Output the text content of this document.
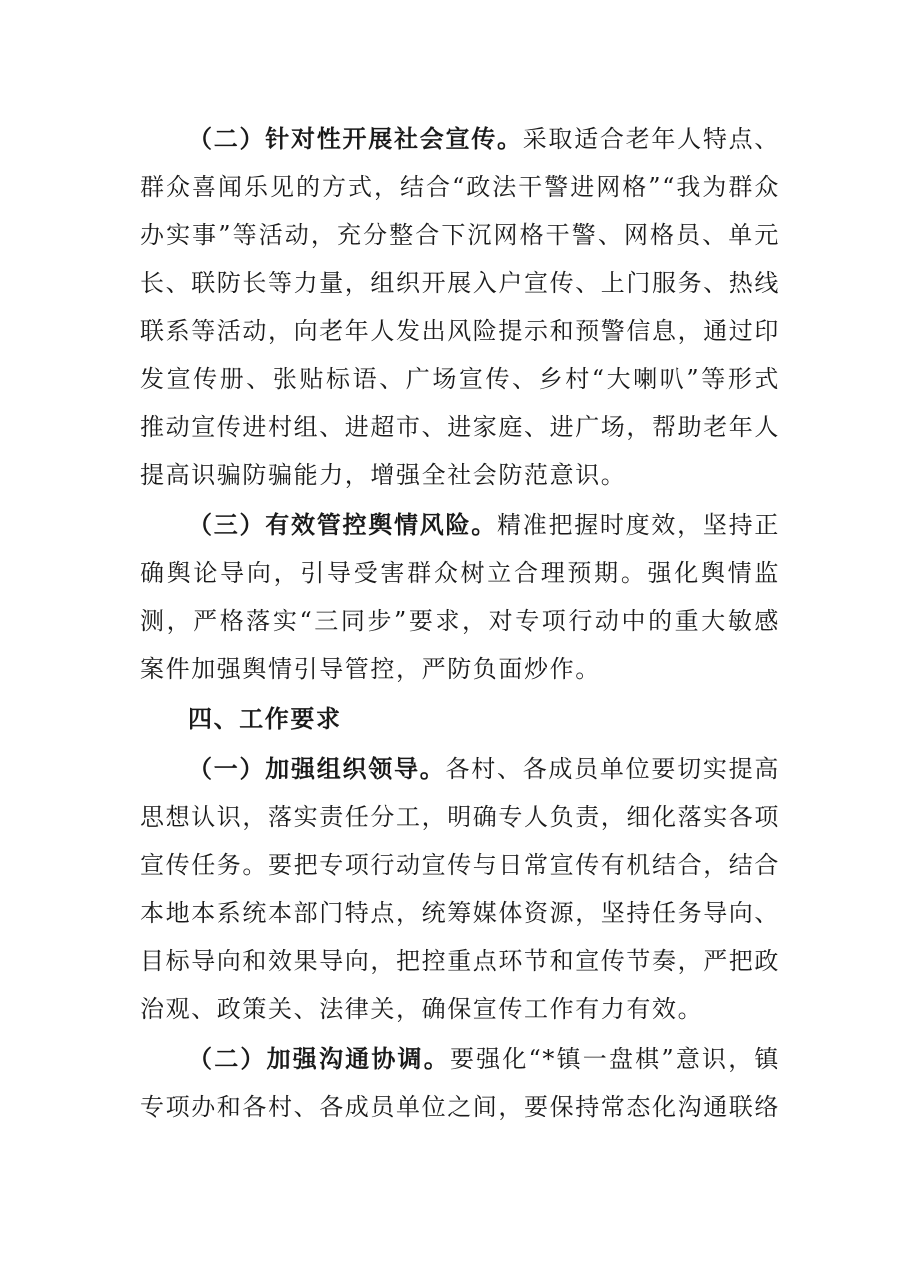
（二）针对性开展社会宣传。采取适合老年人特点、群众喜闻乐见的方式，结合“政法干警进网格”“我为群众办实事”等活动，充分整合下沉网格干警、网格员、单元长、联防长等力量，组织开展入户宣传、上门服务、热线联系等活动，向老年人发出风险提示和预警信息，通过印发宣传册、张贴标语、广场宣传、乡村“大喇叭”等形式推动宣传进村组、进超市、进家庭、进广场，帮助老年人提高识骗防骗能力，增强全社会防范意识。

（三）有效管控舆情风险。精准把握时度效，坚持正确舆论导向，引导受害群众树立合理预期。强化舆情监测，严格落实“三同步”要求，对专项行动中的重大敏感案件加强舆情引导管控，严防负面炒作。

四、工作要求

（一）加强组织领导。各村、各成员单位要切实提高思想认识，落实责任分工，明确专人负责，细化落实各项宣传任务。要把专项行动宣传与日常宣传有机结合，结合本地本系统本部门特点，统筹媒体资源，坚持任务导向、目标导向和效果导向，把控重点环节和宣传节奏，严把政治观、政策关、法律关，确保宣传工作有力有效。

（二）加强沟通协调。要强化“*镇一盘棋”意识，镇专项办和各村、各成员单位之间，要保持常态化沟通联络
